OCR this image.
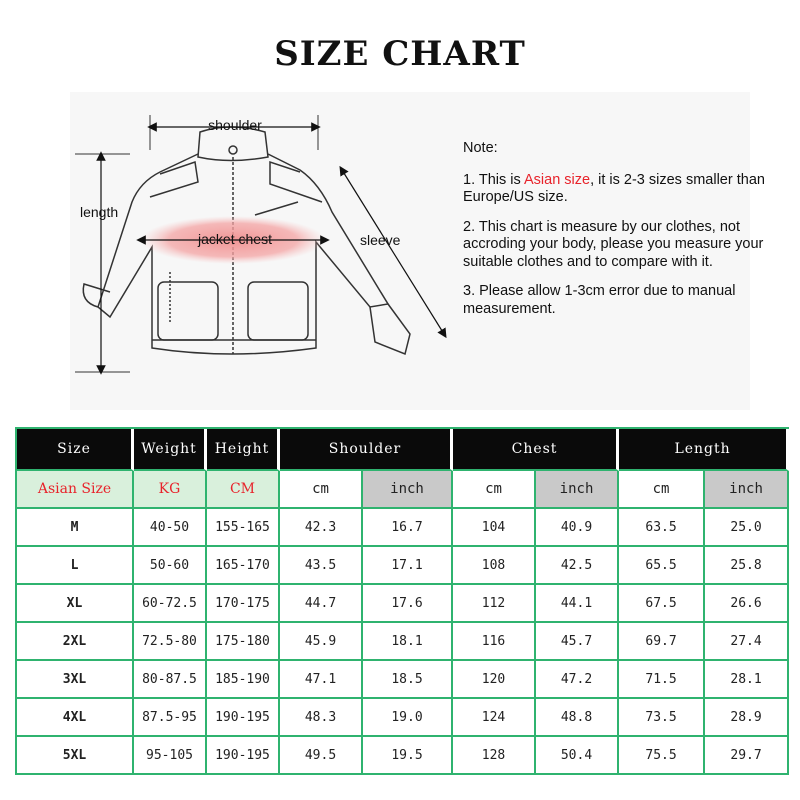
SIZE CHART
shoulder
length
jacket chest	sleeve
Note:

1. This is Asian size, it is 2-3 sizes smaller than Europe/US size.

2. This chart is measure by our clothes, not accroding your body, please you measure your suitable clothes and to compare with it.

3. Please allow 1-3cm error due to manual measurement.

Size	Weight	Height	Shoulder		Chest		Length	
Asian Size	KG	CM	cm	inch	cm	inch	cm	inch
M	40-50	155-165	42.3	16.7	104	40.9	63.5	25.0
L	50-60	165-170	43.5	17.1	108	42.5	65.5	25.8
XL	60-72.5	170-175	44.7	17.6	112	44.1	67.5	26.6
2XL	72.5-80	175-180	45.9	18.1	116	45.7	69.7	27.4
3XL	80-87.5	185-190	47.1	18.5	120	47.2	71.5	28.1
4XL	87.5-95	190-195	48.3	19.0	124	48.8	73.5	28.9
5XL	95-105	190-195	49.5	19.5	128	50.4	75.5	29.7
